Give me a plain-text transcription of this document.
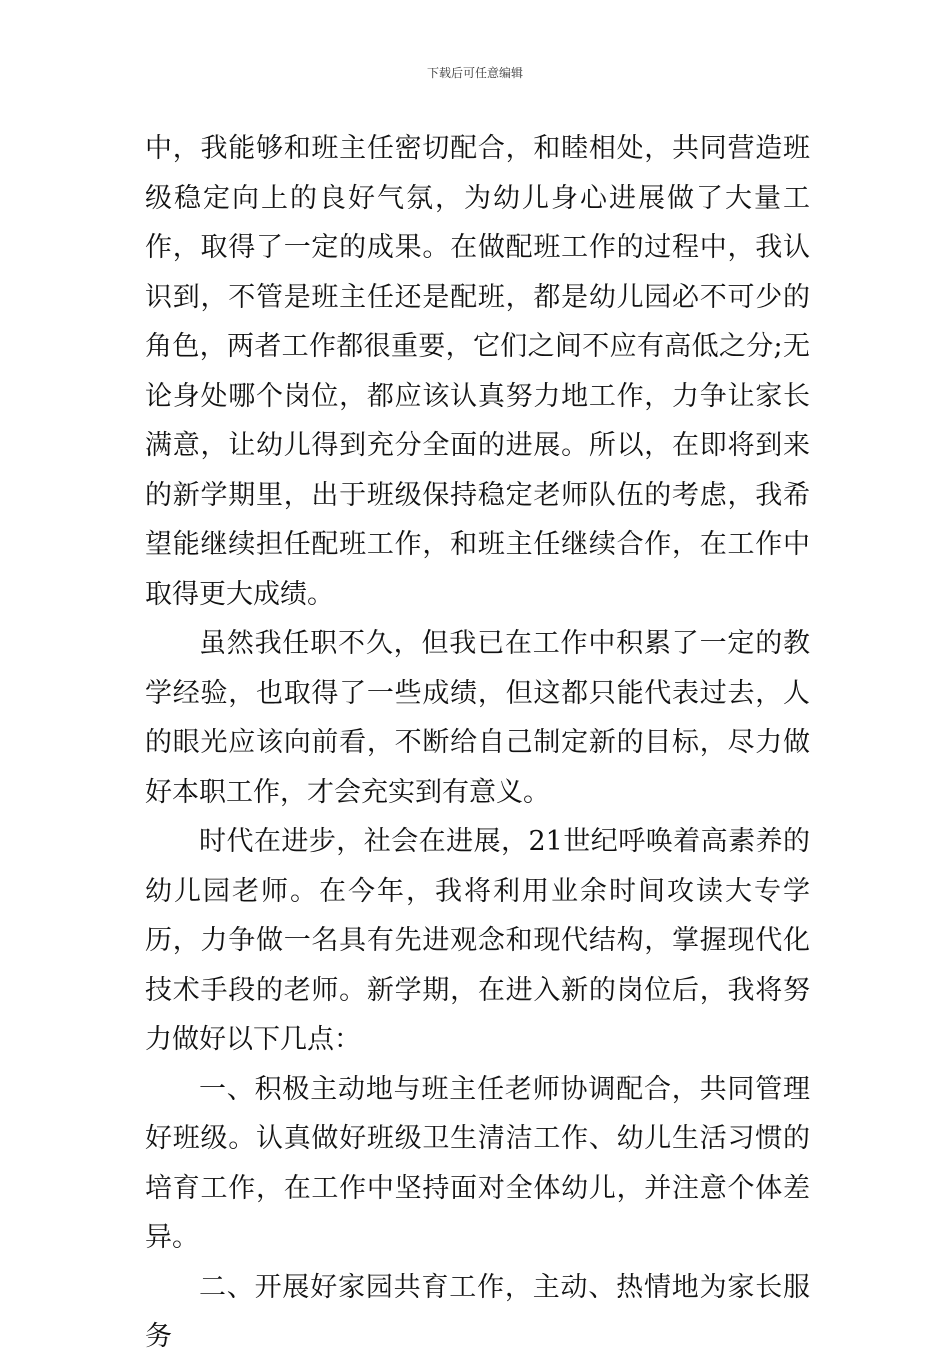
下载后可任意编辑

中，我能够和班主任密切配合，和睦相处，共同营造班级稳定向上的良好气氛，为幼儿身心进展做了大量工作，取得了一定的成果。在做配班工作的过程中，我认识到，不管是班主任还是配班，都是幼儿园必不可少的角色，两者工作都很重要，它们之间不应有高低之分;无论身处哪个岗位，都应该认真努力地工作，力争让家长满意，让幼儿得到充分全面的进展。所以，在即将到来的新学期里，出于班级保持稳定老师队伍的考虑，我希望能继续担任配班工作，和班主任继续合作，在工作中取得更大成绩。

虽然我任职不久，但我已在工作中积累了一定的教学经验，也取得了一些成绩，但这都只能代表过去，人的眼光应该向前看，不断给自己制定新的目标，尽力做好本职工作，才会充实到有意义。

时代在进步，社会在进展，21世纪呼唤着高素养的幼儿园老师。在今年，我将利用业余时间攻读大专学历，力争做一名具有先进观念和现代结构，掌握现代化技术手段的老师。新学期，在进入新的岗位后，我将努力做好以下几点：

一、积极主动地与班主任老师协调配合，共同管理好班级。认真做好班级卫生清洁工作、幼儿生活习惯的培育工作，在工作中坚持面对全体幼儿，并注意个体差异。

二、开展好家园共育工作，主动、热情地为家长服务
